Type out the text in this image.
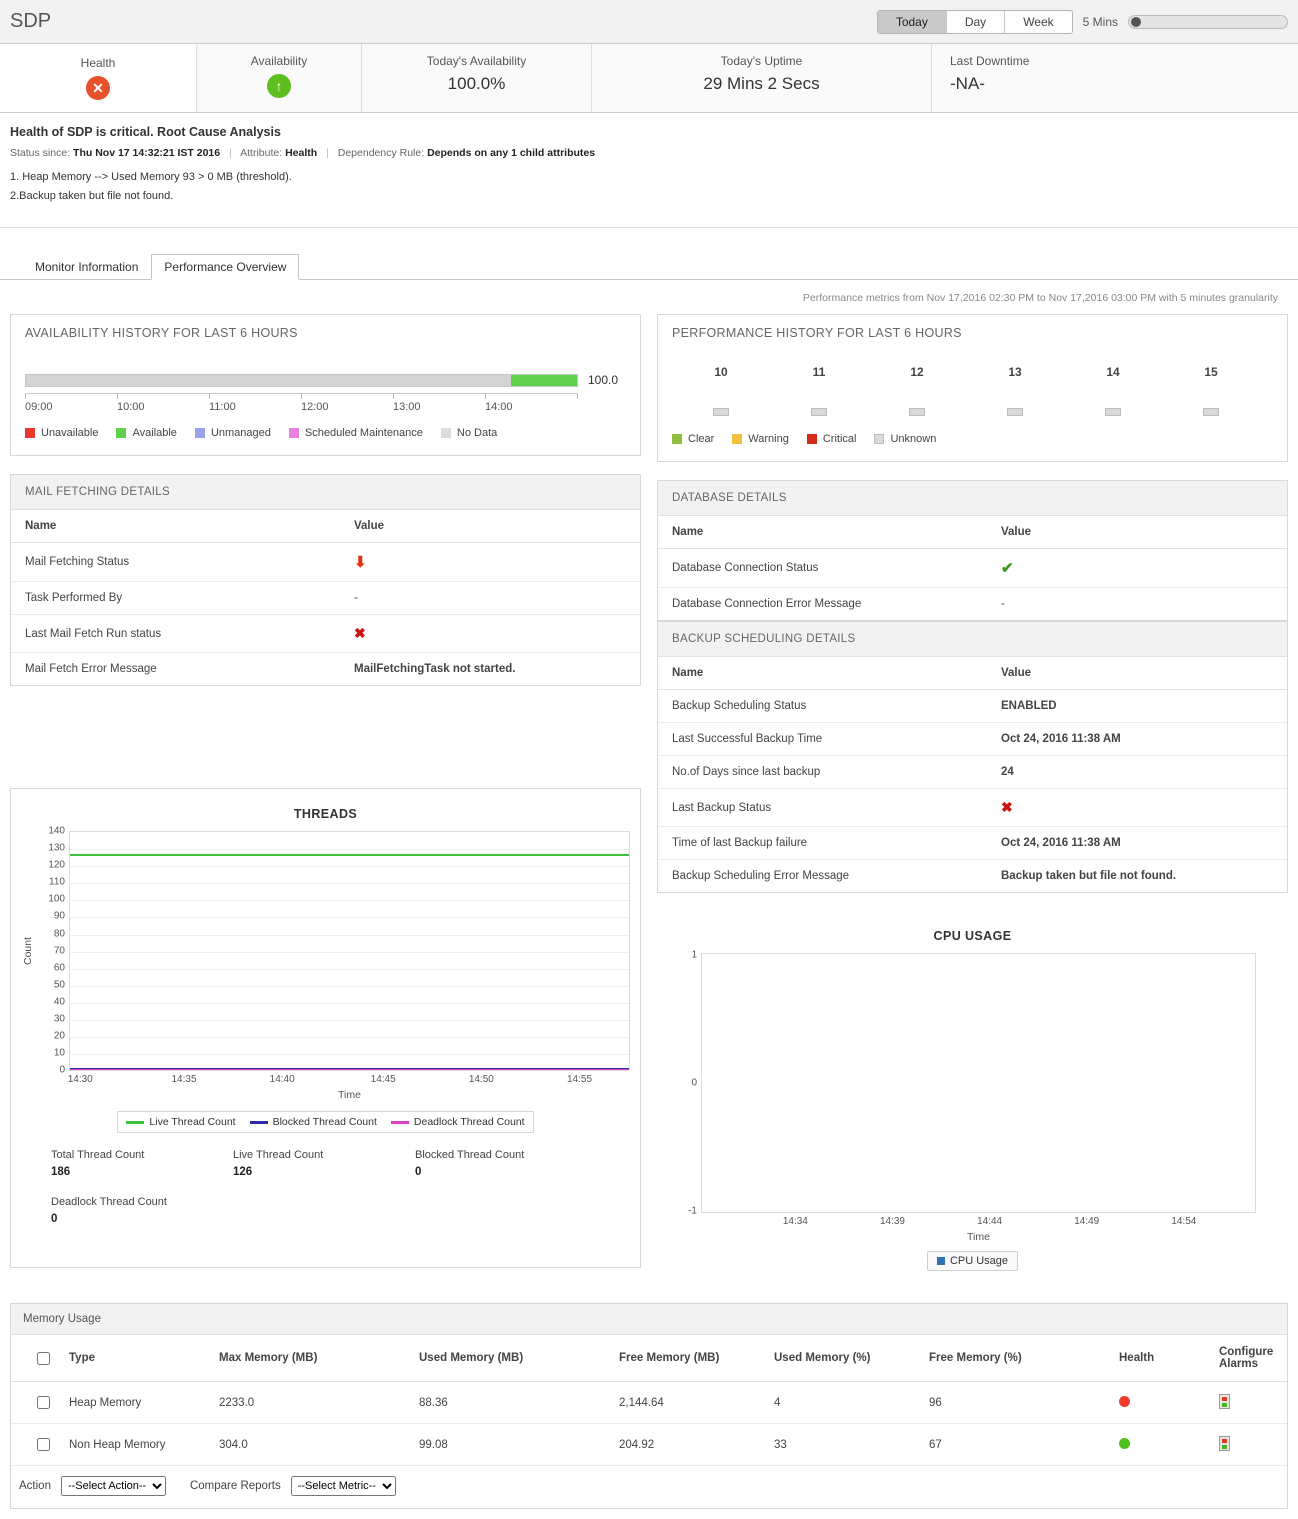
SDP	Today	Day	Week	5 Mins
Health
✕
Availability
↑
Today's Availability
100.0%
Today's Uptime
29 Mins 2 Secs
Last Downtime
-NA-
Health of SDP is critical. Root Cause Analysis
Status since: Thu Nov 17 14:32:21 IST 2016 | Attribute: Health | Dependency Rule: Depends on any 1 child attributes
1. Heap Memory --> Used Memory 93 > 0 MB (threshold).
2.Backup taken but file not found.
Monitor Information	Performance Overview
Performance metrics from Nov 17,2016 02:30 PM to Nov 17,2016 03:00 PM with 5 minutes granularity
AVAILABILITY HISTORY FOR LAST 6 HOURS
100.0
09:00	10:00	11:00	12:00	13:00	14:00
Unavailable	Available	Unmanaged	Scheduled Maintenance	No Data
MAIL FETCHING DETAILS
Name	Value
Mail Fetching Status	⬇
Task Performed By	-
Last Mail Fetch Run status	✖
Mail Fetch Error Message	MailFetchingTask not started.
THREADS
Count
140
130
120
110
100
90
80
70
60
50
40
30
20
10
0
14:30	14:35	14:40	14:45	14:50	14:55
Time
Live Thread Count	Blocked Thread Count	Deadlock Thread Count
Total Thread Count
186
Live Thread Count
126
Blocked Thread Count
0
Deadlock Thread Count
0
PERFORMANCE HISTORY FOR LAST 6 HOURS
10	11	12	13	14	15
Clear	Warning	Critical	Unknown
DATABASE DETAILS
Name	Value
Database Connection Status	✔
Database Connection Error Message	-
BACKUP SCHEDULING DETAILS
Name	Value
Backup Scheduling Status	ENABLED
Last Successful Backup Time	Oct 24, 2016 11:38 AM
No.of Days since last backup	24
Last Backup Status	✖
Time of last Backup failure	Oct 24, 2016 11:38 AM
Backup Scheduling Error Message	Backup taken but file not found.
CPU USAGE
1
0
-1
14:34	14:39	14:44	14:49	14:54
Time
CPU Usage
Memory Usage
	Type	Max Memory (MB)	Used Memory (MB)	Free Memory (MB)	Used Memory (%)	Free Memory (%)	Health	Configure Alarms
	Heap Memory	2233.0	88.36	2,144.64	4	96		
	Non Heap Memory	304.0	99.08	204.92	33	67		
Action
--Select Action--	Compare Reports
--Select Metric--
